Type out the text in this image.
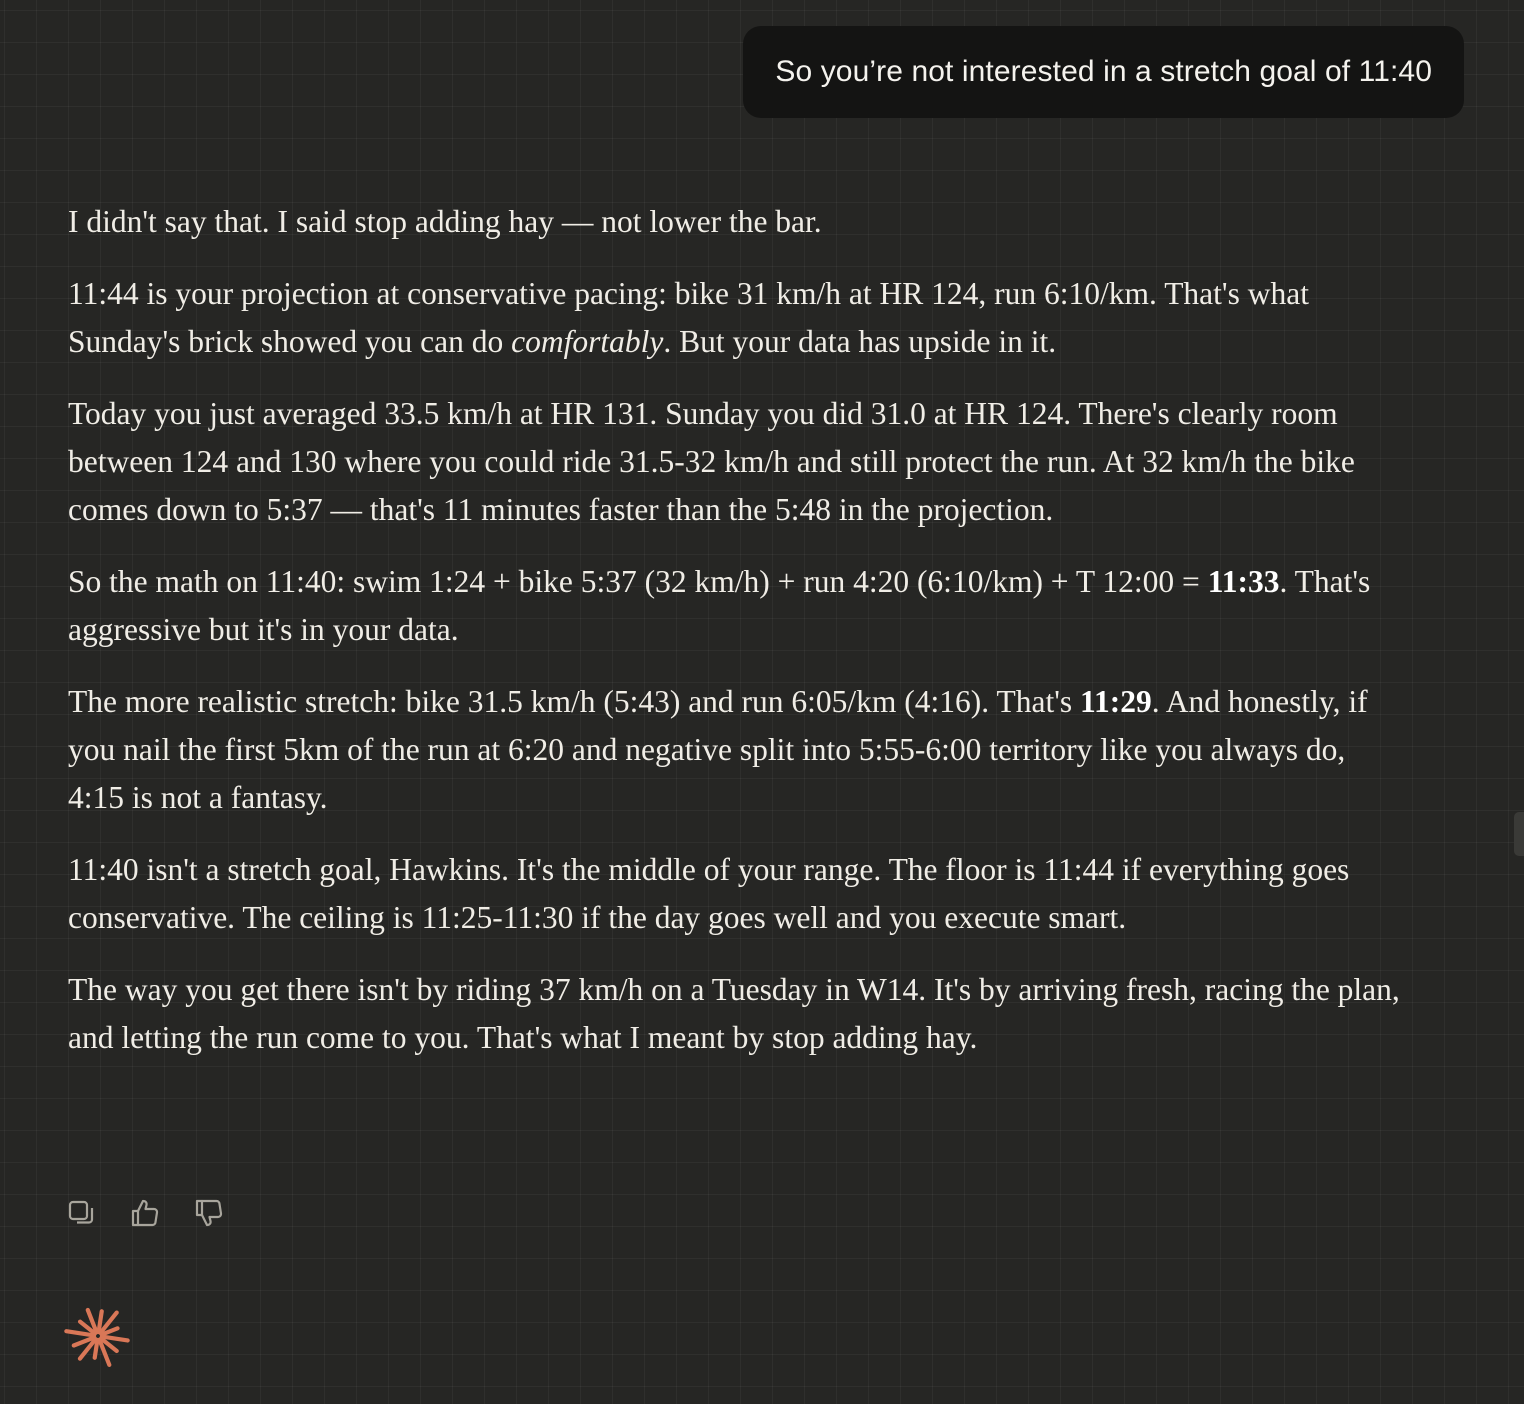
So you’re not interested in a stretch goal of 11:40

I didn't say that. I said stop adding hay — not lower the bar.

11:44 is your projection at conservative pacing: bike 31 km/h at HR 124, run 6:10/km. That's what Sunday's brick showed you can do comfortably. But your data has upside in it.

Today you just averaged 33.5 km/h at HR 131. Sunday you did 31.0 at HR 124. There's clearly room between 124 and 130 where you could ride 31.5-32 km/h and still protect the run. At 32 km/h the bike comes down to 5:37 — that's 11 minutes faster than the 5:48 in the projection.

So the math on 11:40: swim 1:24 + bike 5:37 (32 km/h) + run 4:20 (6:10/km) + T 12:00 = 11:33. That's aggressive but it's in your data.

The more realistic stretch: bike 31.5 km/h (5:43) and run 6:05/km (4:16). That's 11:29. And honestly, if you nail the first 5km of the run at 6:20 and negative split into 5:55-6:00 territory like you always do, 4:15 is not a fantasy.

11:40 isn't a stretch goal, Hawkins. It's the middle of your range. The floor is 11:44 if everything goes conservative. The ceiling is 11:25-11:30 if the day goes well and you execute smart.

The way you get there isn't by riding 37 km/h on a Tuesday in W14. It's by arriving fresh, racing the plan, and letting the run come to you. That's what I meant by stop adding hay.
